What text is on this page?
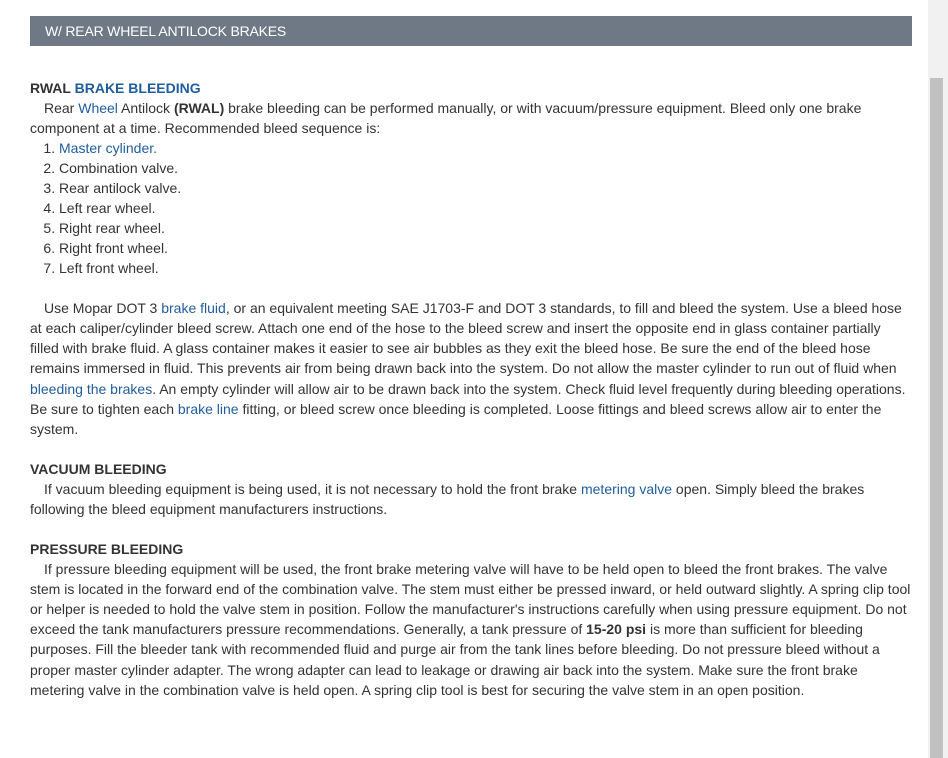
W/ REAR WHEEL ANTILOCK BRAKES

RWAL BRAKE BLEEDING

Rear Wheel Antilock (RWAL) brake bleeding can be performed manually, or with vacuum/pressure equipment. Bleed only one brake component at a time. Recommended bleed sequence is:

1. Master cylinder.
2. Combination valve.
3. Rear antilock valve.
4. Left rear wheel.
5. Right rear wheel.
6. Right front wheel.
7. Left front wheel.

Use Mopar DOT 3 brake fluid, or an equivalent meeting SAE J1703-F and DOT 3 standards, to fill and bleed the system. Use a bleed hose at each caliper/cylinder bleed screw. Attach one end of the hose to the bleed screw and insert the opposite end in glass container partially filled with brake fluid. A glass container makes it easier to see air bubbles as they exit the bleed hose. Be sure the end of the bleed hose remains immersed in fluid. This prevents air from being drawn back into the system. Do not allow the master cylinder to run out of fluid when bleeding the brakes. An empty cylinder will allow air to be drawn back into the system. Check fluid level frequently during bleeding operations. Be sure to tighten each brake line fitting, or bleed screw once bleeding is completed. Loose fittings and bleed screws allow air to enter the system.

VACUUM BLEEDING

If vacuum bleeding equipment is being used, it is not necessary to hold the front brake metering valve open. Simply bleed the brakes following the bleed equipment manufacturers instructions.

PRESSURE BLEEDING

If pressure bleeding equipment will be used, the front brake metering valve will have to be held open to bleed the front brakes. The valve stem is located in the forward end of the combination valve. The stem must either be pressed inward, or held outward slightly. A spring clip tool or helper is needed to hold the valve stem in position. Follow the manufacturer's instructions carefully when using pressure equipment. Do not exceed the tank manufacturers pressure recommendations. Generally, a tank pressure of 15-20 psi is more than sufficient for bleeding purposes. Fill the bleeder tank with recommended fluid and purge air from the tank lines before bleeding. Do not pressure bleed without a proper master cylinder adapter. The wrong adapter can lead to leakage or drawing air back into the system. Make sure the front brake metering valve in the combination valve is held open. A spring clip tool is best for securing the valve stem in an open position.
